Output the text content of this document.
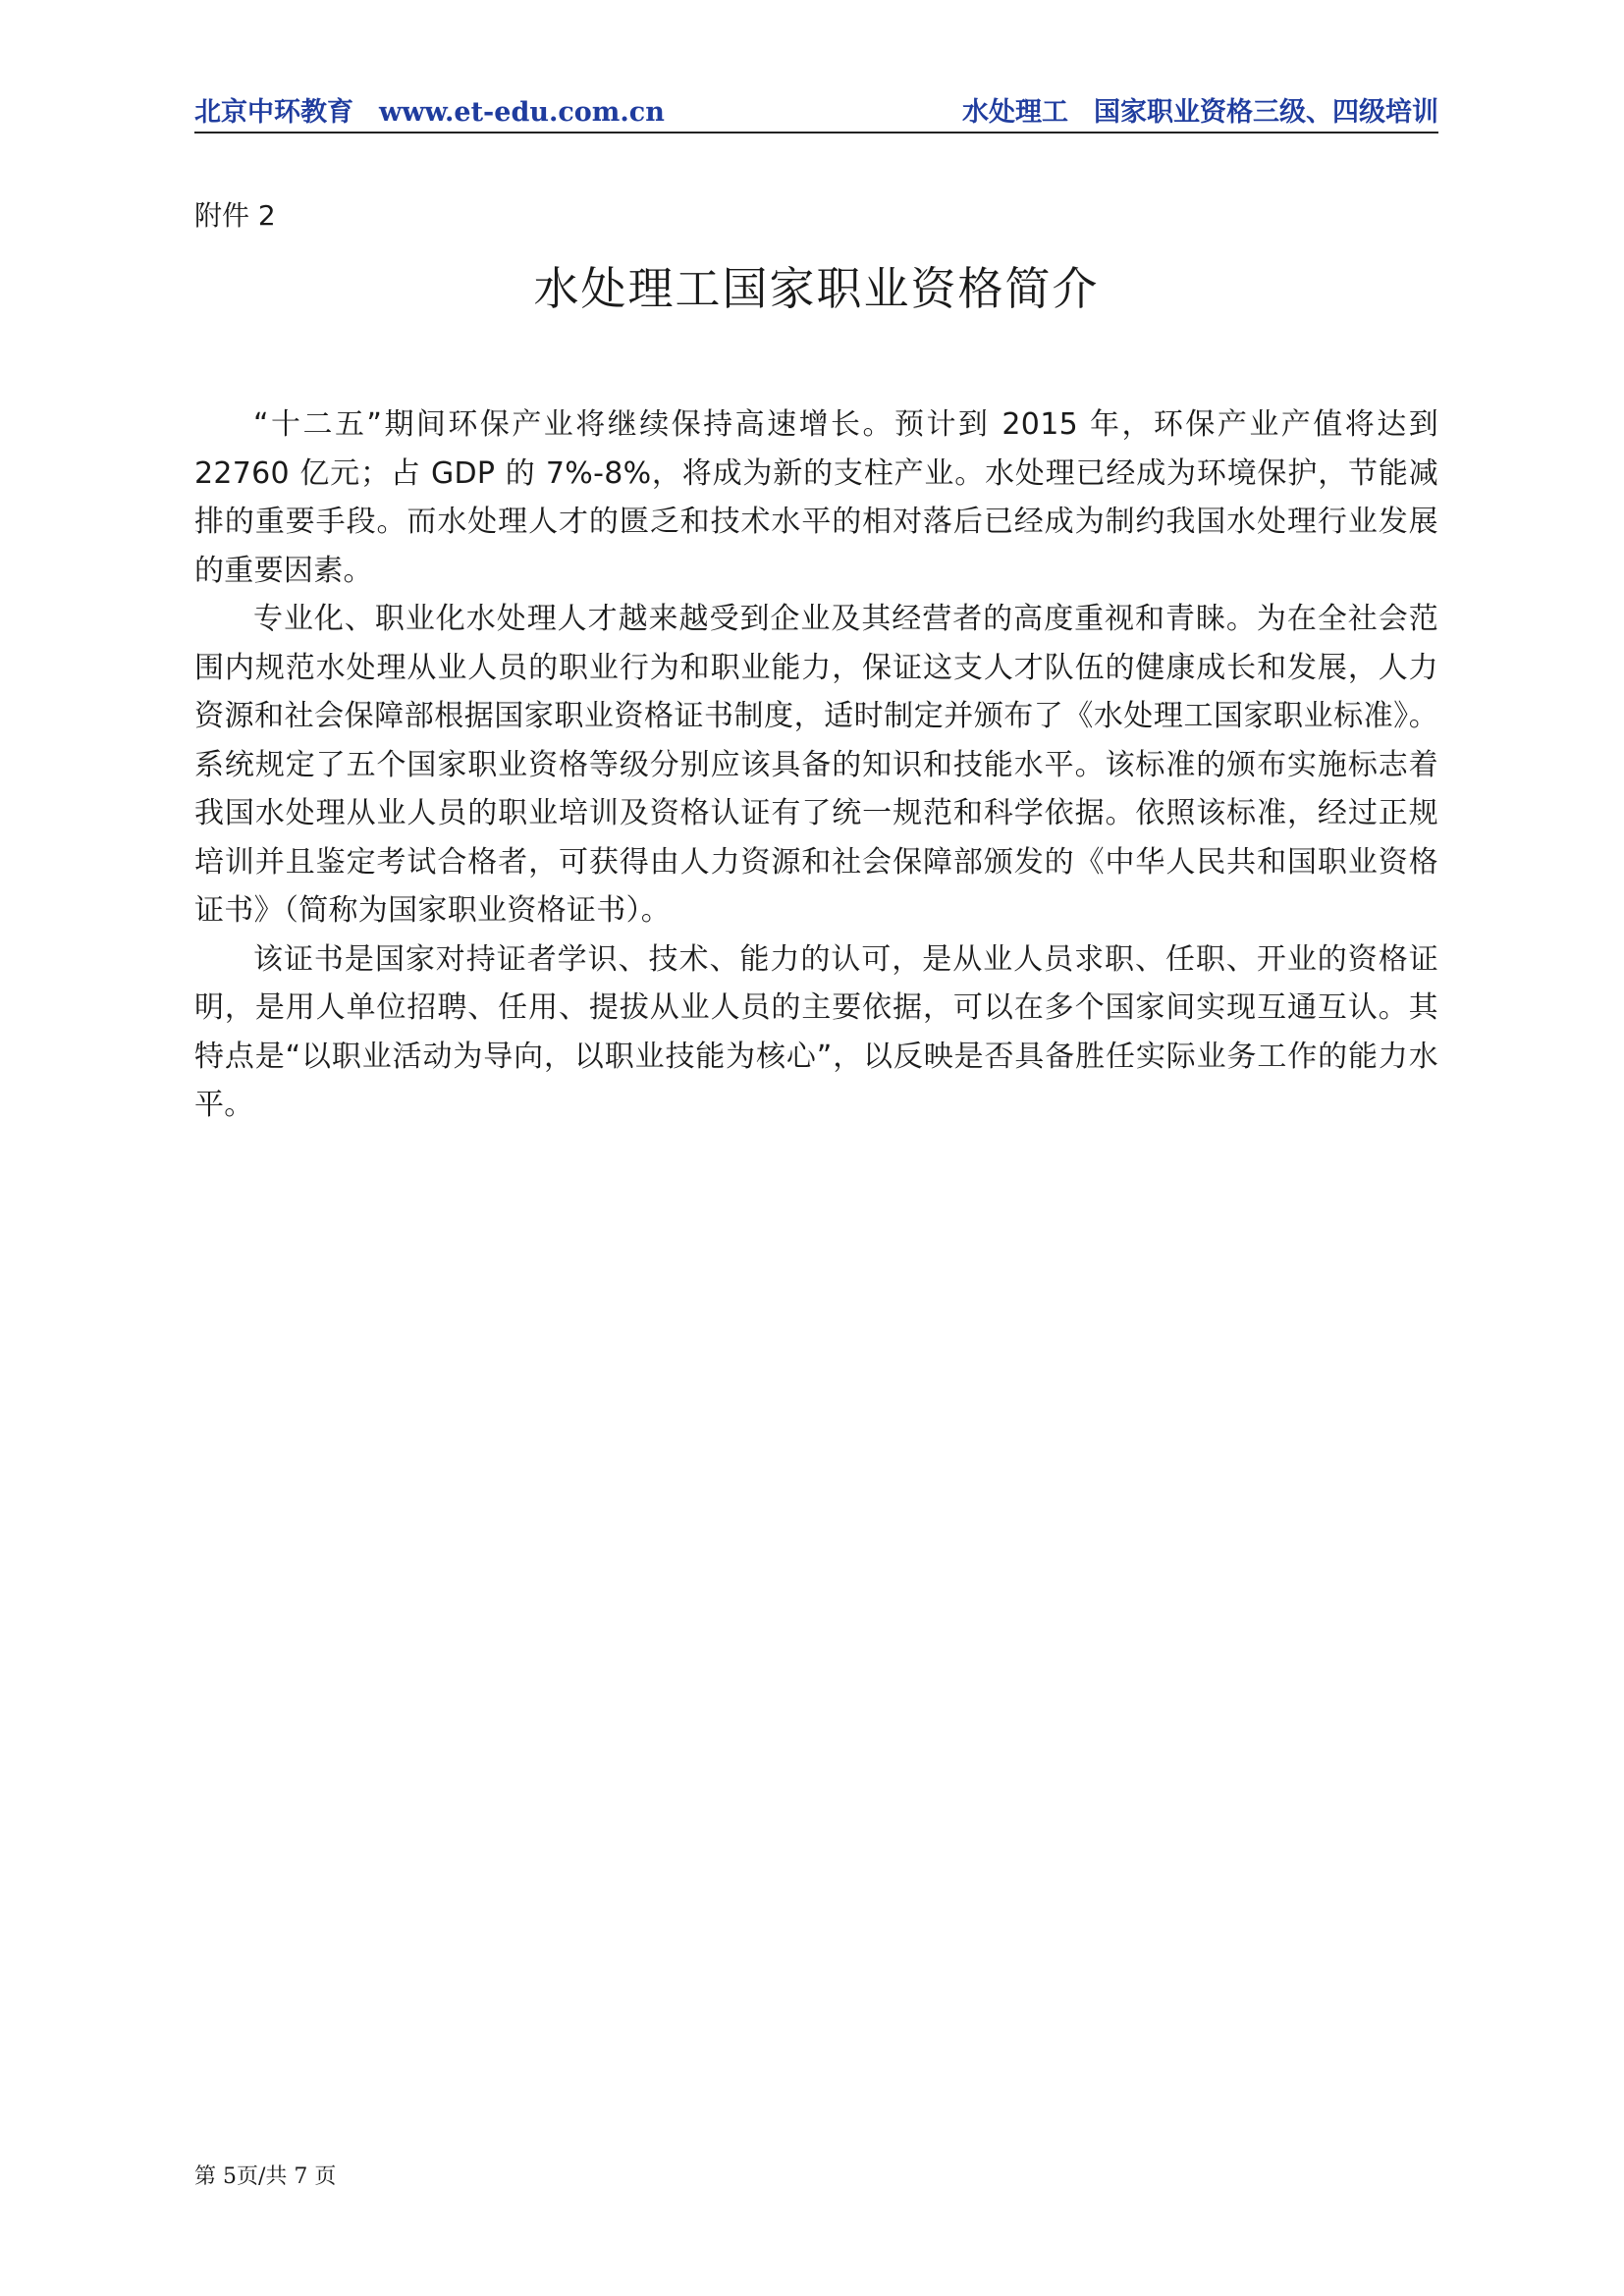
北京中环教育 www.et-edu.com.cn	水处理工 国家职业资格三级、四级培训
附件 2
水处理工国家职业资格简介

“十二五”期间环保产业将继续保持高速增长。预计到 2015 年，环保产业产值将达到 22760 亿元；占 GDP 的 7%-8%，将成为新的支柱产业。水处理已经成为环境保护，节能减排的重要手段。而水处理人才的匮乏和技术水平的相对落后已经成为制约我国水处理行业发展的重要因素。

专业化、职业化水处理人才越来越受到企业及其经营者的高度重视和青睐。为在全社会范围内规范水处理从业人员的职业行为和职业能力，保证这支人才队伍的健康成长和发展，人力资源和社会保障部根据国家职业资格证书制度，适时制定并颁布了《水处理工国家职业标准》。系统规定了五个国家职业资格等级分别应该具备的知识和技能水平。该标准的颁布实施标志着我国水处理从业人员的职业培训及资格认证有了统一规范和科学依据。依照该标准，经过正规培训并且鉴定考试合格者，可获得由人力资源和社会保障部颁发的《中华人民共和国职业资格证书》（简称为国家职业资格证书）。

该证书是国家对持证者学识、技术、能力的认可，是从业人员求职、任职、开业的资格证明，是用人单位招聘、任用、提拔从业人员的主要依据，可以在多个国家间实现互通互认。其特点是“以职业活动为导向，以职业技能为核心”，以反映是否具备胜任实际业务工作的能力水平。

第 5页/共 7 页
